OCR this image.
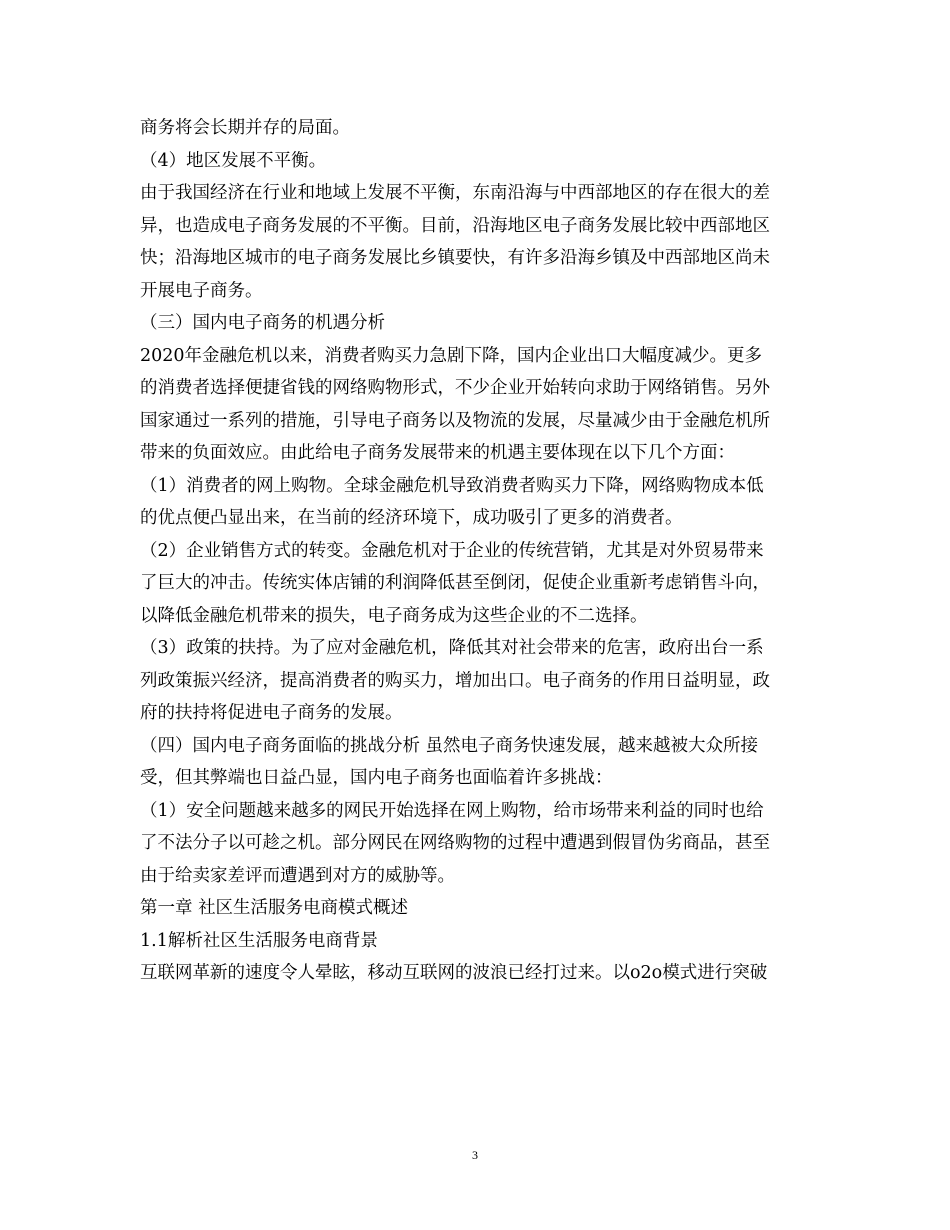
商务将会长期并存的局面。
（4）地区发展不平衡。
由于我国经济在行业和地域上发展不平衡，东南沿海与中西部地区的存在很大的差
异，也造成电子商务发展的不平衡。目前，沿海地区电子商务发展比较中西部地区
快；沿海地区城市的电子商务发展比乡镇要快，有许多沿海乡镇及中西部地区尚未
开展电子商务。
（三）国内电子商务的机遇分析
2020年金融危机以来，消费者购买力急剧下降，国内企业出口大幅度减少。更多
的消费者选择便捷省钱的网络购物形式，不少企业开始转向求助于网络销售。另外
国家通过一系列的措施，引导电子商务以及物流的发展，尽量减少由于金融危机所
带来的负面效应。由此给电子商务发展带来的机遇主要体现在以下几个方面：
（1）消费者的网上购物。全球金融危机导致消费者购买力下降，网络购物成本低
的优点便凸显出来，在当前的经济环境下，成功吸引了更多的消费者。
（2）企业销售方式的转变。金融危机对于企业的传统营销，尤其是对外贸易带来
了巨大的冲击。传统实体店铺的利润降低甚至倒闭，促使企业重新考虑销售斗向，
以降低金融危机带来的损失，电子商务成为这些企业的不二选择。
（3）政策的扶持。为了应对金融危机，降低其对社会带来的危害，政府出台一系
列政策振兴经济，提高消费者的购买力，增加出口。电子商务的作用日益明显，政
府的扶持将促进电子商务的发展。
（四）国内电子商务面临的挑战分析 虽然电子商务快速发展，越来越被大众所接
受，但其弊端也日益凸显，国内电子商务也面临着许多挑战：
（1）安全问题越来越多的网民开始选择在网上购物，给市场带来利益的同时也给
了不法分子以可趁之机。部分网民在网络购物的过程中遭遇到假冒伪劣商品，甚至
由于给卖家差评而遭遇到对方的威胁等。
第一章 社区生活服务电商模式概述
1.1解析社区生活服务电商背景
互联网革新的速度令人晕眩，移动互联网的波浪已经打过来。以o2o模式进行突破
3
